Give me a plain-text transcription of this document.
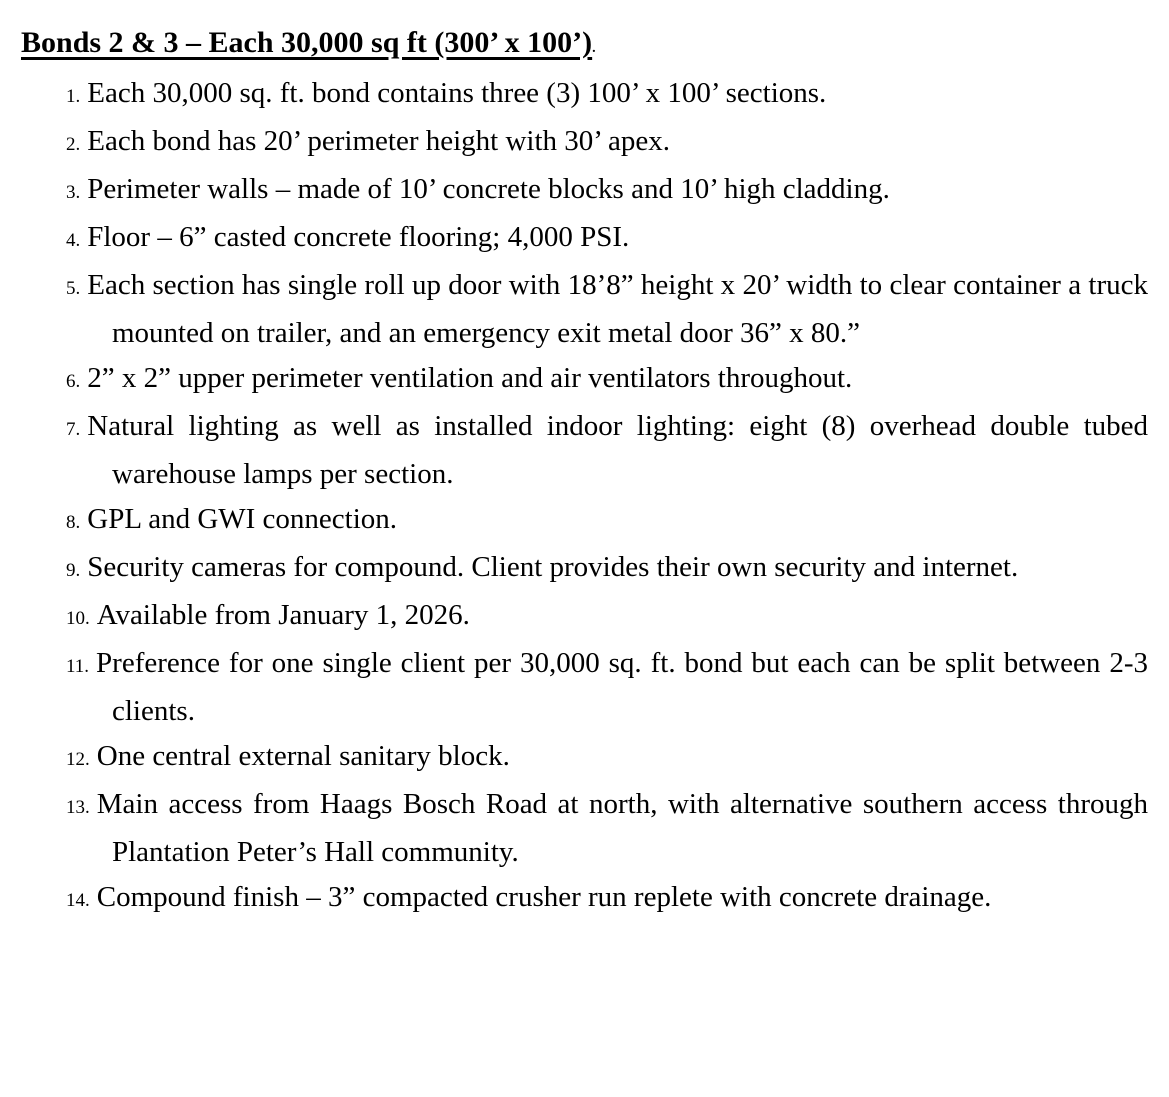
Bonds 2 & 3 – Each 30,000 sq ft (300’ x 100’).
1. Each 30,000 sq. ft. bond contains three (3) 100’ x 100’ sections.
2. Each bond has 20’ perimeter height with 30’ apex.
3. Perimeter walls – made of 10’ concrete blocks and 10’ high cladding.
4. Floor – 6” casted concrete flooring; 4,000 PSI.
5. Each section has single roll up door with 18’8” height x 20’ width to clear container a truck mounted on trailer, and an emergency exit metal door 36” x 80.”
6. 2” x 2” upper perimeter ventilation and air ventilators throughout.
7. Natural lighting as well as installed indoor lighting: eight (8) overhead double tubed warehouse lamps per section.
8. GPL and GWI connection.
9. Security cameras for compound. Client provides their own security and internet.
10. Available from January 1, 2026.
11. Preference for one single client per 30,000 sq. ft. bond but each can be split between 2-3 clients.
12. One central external sanitary block.
13. Main access from Haags Bosch Road at north, with alternative southern access through Plantation Peter’s Hall community.
14. Compound finish – 3” compacted crusher run replete with concrete drainage.
